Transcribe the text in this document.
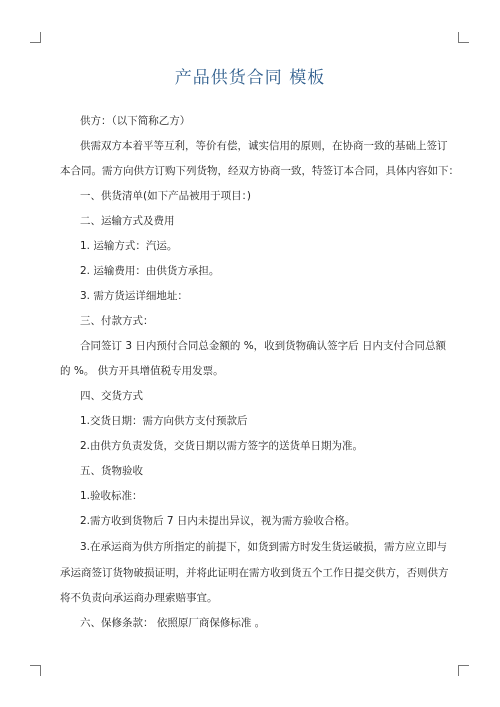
产品供货合同 模板
供方：（以下简称乙方）
供需双方本着平等互利，等价有偿，诚实信用的原则，在协商一致的基础上签订
本合同。需方向供方订购下列货物，经双方协商一致，特签订本合同，具体内容如下：
一、供货清单(如下产品被用于项目：)
二、运输方式及费用
1. 运输方式：汽运。
2. 运输费用：由供货方承担。
3. 需方货运详细地址：
三、付款方式：
合同签订 3 日内预付合同总金额的 %，收到货物确认签字后 日内支付合同总额
的 %。 供方开具增值税专用发票。
四、交货方式
1.交货日期：需方向供方支付预款后
2.由供方负责发货，交货日期以需方签字的送货单日期为准。
五、货物验收
1.验收标准：
2.需方收到货物后 7 日内未提出异议，视为需方验收合格。
3.在承运商为供方所指定的前提下，如货到需方时发生货运破损，需方应立即与
承运商签订货物破损证明，并将此证明在需方收到货五个工作日提交供方，否则供方
将不负责向承运商办理索赔事宜。
六、保修条款： 依照原厂商保修标准 。
